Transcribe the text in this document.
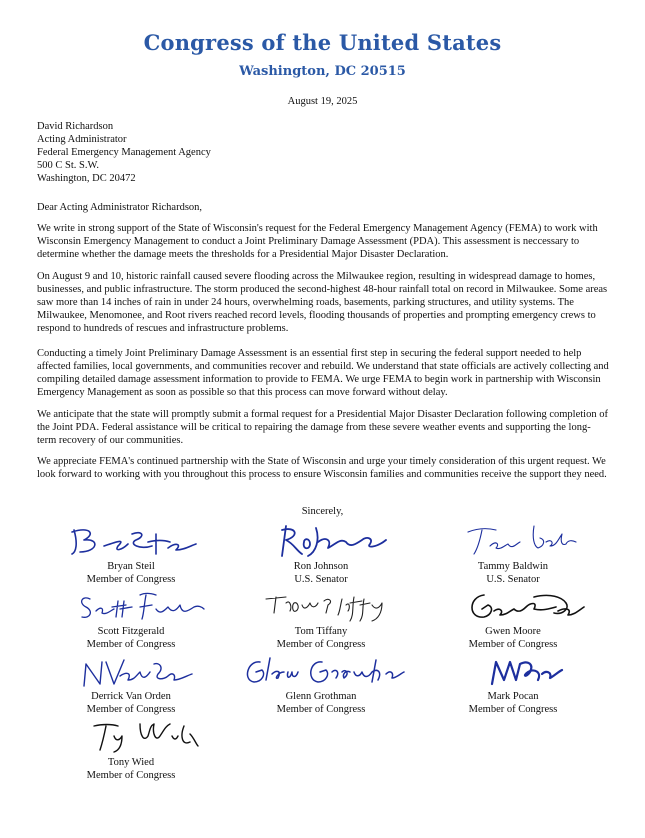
Congress of the United States
Washington, DC 20515
August 19, 2025
David Richardson
Acting Administrator
Federal Emergency Management Agency
500 C St. S.W.
Washington, DC 20472
Dear Acting Administrator Richardson,

We write in strong support of the State of Wisconsin's request for the Federal Emergency Management Agency (FEMA) to work with Wisconsin Emergency Management to conduct a Joint Preliminary Damage Assessment (PDA). This assessment is neccessary to determine whether the damage meets the thresholds for a Presidential Major Disaster Declaration.

On August 9 and 10, historic rainfall caused severe flooding across the Milwaukee region, resulting in widespread damage to homes, businesses, and public infrastructure. The storm produced the second-highest 48-hour rainfall total on record in Milwaukee. Some areas saw more than 14 inches of rain in under 24 hours, overwhelming roads, basements, parking structures, and utility systems. The Milwaukee, Menomonee, and Root rivers reached record levels, flooding thousands of properties and prompting emergency crews to respond to hundreds of rescues and infrastructure problems.

Conducting a timely Joint Preliminary Damage Assessment is an essential first step in securing the federal support needed to help affected families, local governments, and communities recover and rebuild. We understand that state officials are actively collecting and compiling detailed damage assessment information to provide to FEMA. We urge FEMA to begin work in partnership with Wisconsin Emergency Management as soon as possible so that this process can move forward without delay.

We anticipate that the state will promptly submit a formal request for a Presidential Major Disaster Declaration following completion of the Joint PDA. Federal assistance will be critical to repairing the damage from these severe weather events and supporting the long-term recovery of our communities.

We appreciate FEMA's continued partnership with the State of Wisconsin and urge your timely consideration of this urgent request. We look forward to working with you throughout this process to ensure Wisconsin families and communities receive the support they need.

Sincerely,
Bryan Steil
Member of Congress
Ron Johnson
U.S. Senator
Tammy Baldwin
U.S. Senator
Scott Fitzgerald
Member of Congress
Tom Tiffany
Member of Congress
Gwen Moore
Member of Congress
Derrick Van Orden
Member of Congress
Glenn Grothman
Member of Congress
Mark Pocan
Member of Congress
Tony Wied
Member of Congress
